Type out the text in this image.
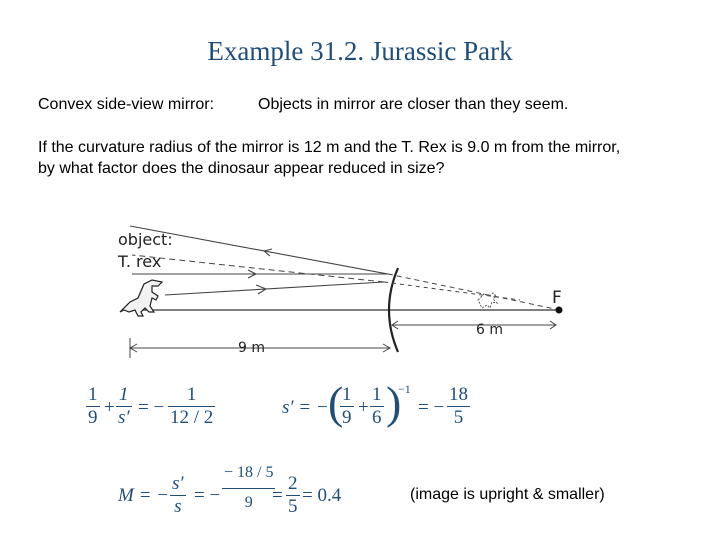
Example 31.2. Jurassic Park
Convex side-view mirror:	Objects in mirror are closer than they seem.
If the curvature radius of the mirror is 12 m and the T. Rex is 9.0 m from the mirror,
by what factor does the dinosaur appear reduced in size?
object:
T. rex
F
6 m
9 m
$\frac{1}{9} + \frac{1}{s'}$ = − $\frac{1}{12 / 2}$	s′ = − (
$\frac{1}{9} + \frac{1}{6}$ )
−1
= − $\frac{18}{5}$
M = − $\frac{s'}{s}$ = − $\frac{- 18 / 5}{9}$
= $\frac{2}{5} = 0.4$	(image is upright & smaller)
